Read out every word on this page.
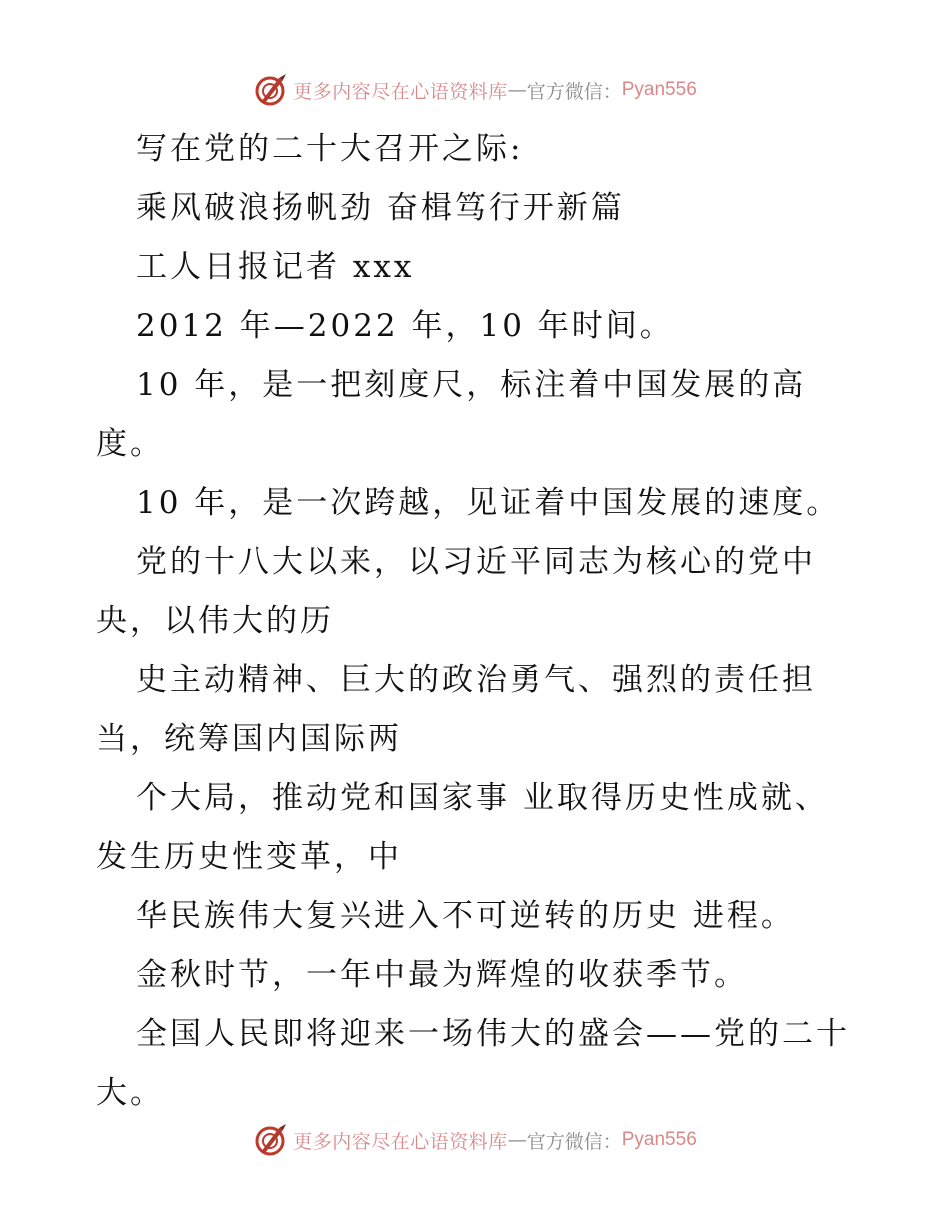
更多内容尽在心语资料库 — 官方微信： Pyan556
写在党的二十大召开之际:
乘风破浪扬帆劲 奋楫笃行开新篇
工人日报记者 xxx
2012 年—2022 年，10 年时间。
10 年，是一把刻度尺，标注着中国发展的高
度。
10 年，是一次跨越，见证着中国发展的速度。
党的十八大以来，以习近平同志为核心的党中
央，以伟大的历
史主动精神、巨大的政治勇气、强烈的责任担
当，统筹国内国际两
个大局，推动党和国家事 业取得历史性成就、
发生历史性变革，中
华民族伟大复兴进入不可逆转的历史 进程。
金秋时节，一年中最为辉煌的收获季节。
全国人民即将迎来一场伟大的盛会——党的二十
大。
更多内容尽在心语资料库 — 官方微信： Pyan556
